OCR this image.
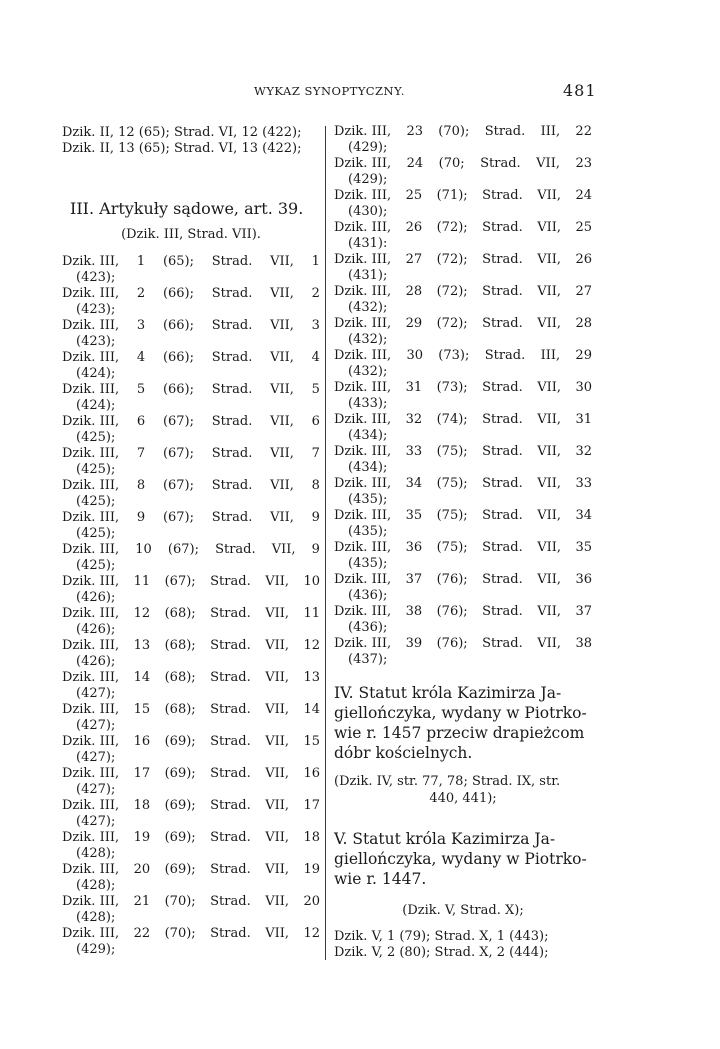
WYKAZ SYNOPTYCZNY.	481
Dzik. II, 12 (65); Strad. VI, 12 (422);
Dzik. II, 13 (65); Strad. VI, 13 (422);
III. Artykuły sądowe, art. 39.
(Dzik. III, Strad. VII).
Dzik. III, 1 (65); Strad. VII, 1
(423);
Dzik. III, 2 (66); Strad. VII, 2
(423);
Dzik. III, 3 (66); Strad. VII, 3
(423);
Dzik. III, 4 (66); Strad. VII, 4
(424);
Dzik. III, 5 (66); Strad. VII, 5
(424);
Dzik. III, 6 (67); Strad. VII, 6
(425);
Dzik. III, 7 (67); Strad. VII, 7
(425);
Dzik. III, 8 (67); Strad. VII, 8
(425);
Dzik. III, 9 (67); Strad. VII, 9
(425);
Dzik. III, 10 (67); Strad. VII, 9
(425);
Dzik. III, 11 (67); Strad. VII, 10
(426);
Dzik. III, 12 (68); Strad. VII, 11
(426);
Dzik. III, 13 (68); Strad. VII, 12
(426);
Dzik. III, 14 (68); Strad. VII, 13
(427);
Dzik. III, 15 (68); Strad. VII, 14
(427);
Dzik. III, 16 (69); Strad. VII, 15
(427);
Dzik. III, 17 (69); Strad. VII, 16
(427);
Dzik. III, 18 (69); Strad. VII, 17
(427);
Dzik. III, 19 (69); Strad. VII, 18
(428);
Dzik. III, 20 (69); Strad. VII, 19
(428);
Dzik. III, 21 (70); Strad. VII, 20
(428);
Dzik. III, 22 (70); Strad. VII, 12
(429);
Dzik. III, 23 (70); Strad. III, 22
(429);
Dzik. III, 24 (70; Strad. VII, 23
(429);
Dzik. III, 25 (71); Strad. VII, 24
(430);
Dzik. III, 26 (72); Strad. VII, 25
(431):
Dzik. III, 27 (72); Strad. VII, 26
(431);
Dzik. III, 28 (72); Strad. VII, 27
(432);
Dzik. III, 29 (72); Strad. VII, 28
(432);
Dzik. III, 30 (73); Strad. III, 29
(432);
Dzik. III, 31 (73); Strad. VII, 30
(433);
Dzik. III, 32 (74); Strad. VII, 31
(434);
Dzik. III, 33 (75); Strad. VII, 32
(434);
Dzik. III, 34 (75); Strad. VII, 33
(435);
Dzik. III, 35 (75); Strad. VII, 34
(435);
Dzik. III, 36 (75); Strad. VII, 35
(435);
Dzik. III, 37 (76); Strad. VII, 36
(436);
Dzik. III, 38 (76); Strad. VII, 37
(436);
Dzik. III, 39 (76); Strad. VII, 38
(437);
IV. Statut króla Kazimirza Ja-
giellończyka, wydany w Piotrko-
wie r. 1457 przeciw drapieżcom
dóbr kościelnych.
(Dzik. IV, str. 77, 78; Strad. IX, str.
440, 441);
V. Statut króla Kazimirza Ja-
giellończyka, wydany w Piotrko-
wie r. 1447.
(Dzik. V, Strad. X);
Dzik. V, 1 (79); Strad. X, 1 (443);
Dzik. V, 2 (80); Strad. X, 2 (444);
